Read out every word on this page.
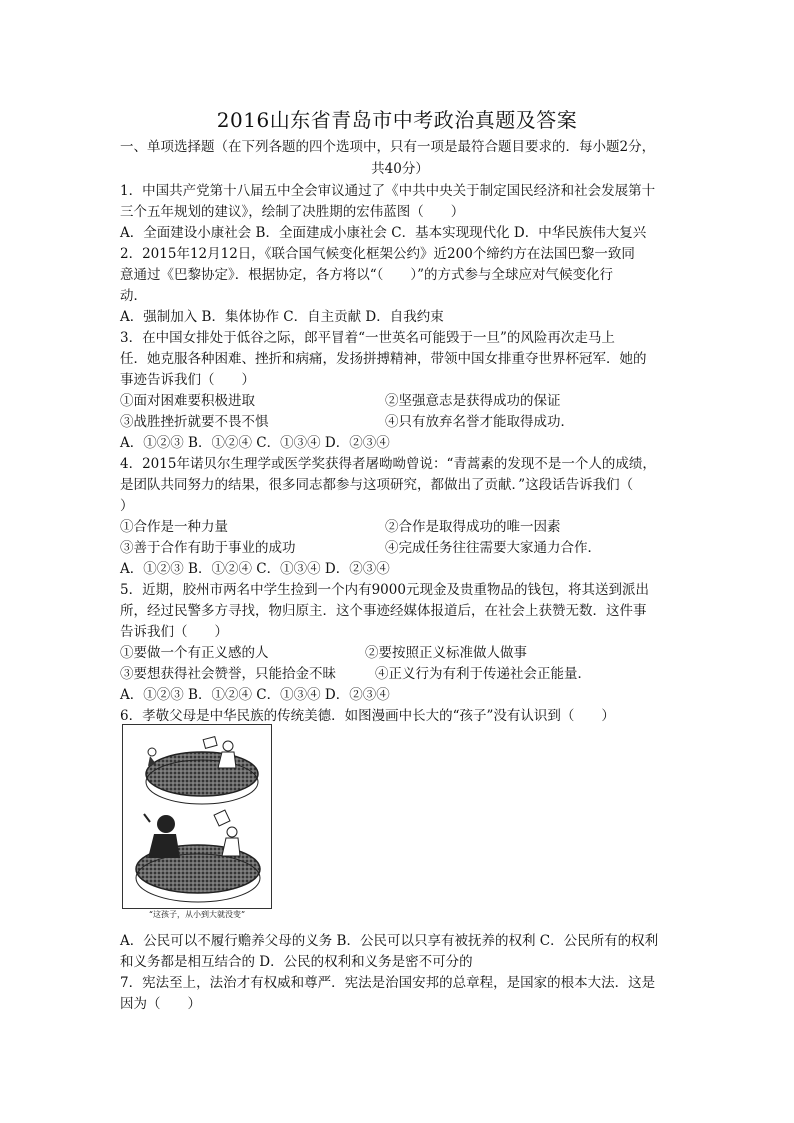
2016山东省青岛市中考政治真题及答案
一、单项选择题（在下列各题的四个选项中，只有一项是最符合题目要求的．每小题2分，
共40分）
1．中国共产党第十八届五中全会审议通过了《中共中央关于制定国民经济和社会发展第十
三个五年规划的建议》，绘制了决胜期的宏伟蓝图（　　）
A．全面建设小康社会 B．全面建成小康社会 C．基本实现现代化 D．中华民族伟大复兴
2．2015年12月12日，《联合国气候变化框架公约》近200个缔约方在法国巴黎一致同
意通过《巴黎协定》．根据协定，各方将以“（　　）”的方式参与全球应对气候变化行
动．
A．强制加入 B．集体协作 C．自主贡献 D．自我约束
3．在中国女排处于低谷之际，郎平冒着“一世英名可能毁于一旦”的风险再次走马上
任．她克服各种困难、挫折和病痛，发扬拼搏精神，带领中国女排重夺世界杯冠军．她的
事迹告诉我们（　　）
①面对困难要积极进取	②坚强意志是获得成功的保证
③战胜挫折就要不畏不惧	④只有放弃名誉才能取得成功．
A．①②③ B．①②④ C．①③④ D．②③④
4．2015年诺贝尔生理学或医学奖获得者屠呦呦曾说：“青蒿素的发现不是一个人的成绩，
是团队共同努力的结果，很多同志都参与这项研究，都做出了贡献．”这段话告诉我们（
）
①合作是一种力量	②合作是取得成功的唯一因素
③善于合作有助于事业的成功	④完成任务往往需要大家通力合作．
A．①②③ B．①②④ C．①③④ D．②③④
5．近期，胶州市两名中学生捡到一个内有9000元现金及贵重物品的钱包，将其送到派出
所，经过民警多方寻找，物归原主．这个事迹经媒体报道后，在社会上获赞无数．这件事
告诉我们（　　）
①要做一个有正义感的人	②要按照正义标准做人做事
③要想获得社会赞誉，只能拾金不昧	④正义行为有利于传递社会正能量．
A．①②③ B．①②④ C．①③④ D．②③④
6．孝敬父母是中华民族的传统美德．如图漫画中长大的“孩子”没有认识到（　　）
“这孩子，从小到大就没变”
A．公民可以不履行赡养父母的义务 B．公民可以只享有被抚养的权利 C．公民所有的权利
和义务都是相互结合的 D．公民的权利和义务是密不可分的
7．宪法至上，法治才有权威和尊严．宪法是治国安邦的总章程，是国家的根本大法．这是
因为（　　）
